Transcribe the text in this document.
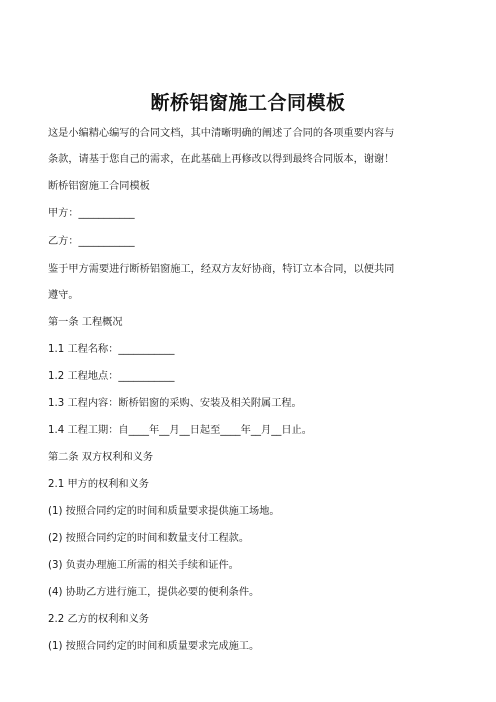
断桥铝窗施工合同模板
这是小编精心编写的合同文档，其中清晰明确的阐述了合同的各项重要内容与
条款，请基于您自己的需求，在此基础上再修改以得到最终合同版本，谢谢！
断桥铝窗施工合同模板
甲方：___________
乙方：___________
鉴于甲方需要进行断桥铝窗施工，经双方友好协商，特订立本合同，以便共同
遵守。
第一条 工程概况
1.1 工程名称：___________
1.2 工程地点：___________
1.3 工程内容：断桥铝窗的采购、安装及相关附属工程。
1.4 工程工期：自____年__月__日起至____年__月__日止。
第二条 双方权利和义务
2.1 甲方的权利和义务
(1) 按照合同约定的时间和质量要求提供施工场地。
(2) 按照合同约定的时间和数量支付工程款。
(3) 负责办理施工所需的相关手续和证件。
(4) 协助乙方进行施工，提供必要的便利条件。
2.2 乙方的权利和义务
(1) 按照合同约定的时间和质量要求完成施工。
